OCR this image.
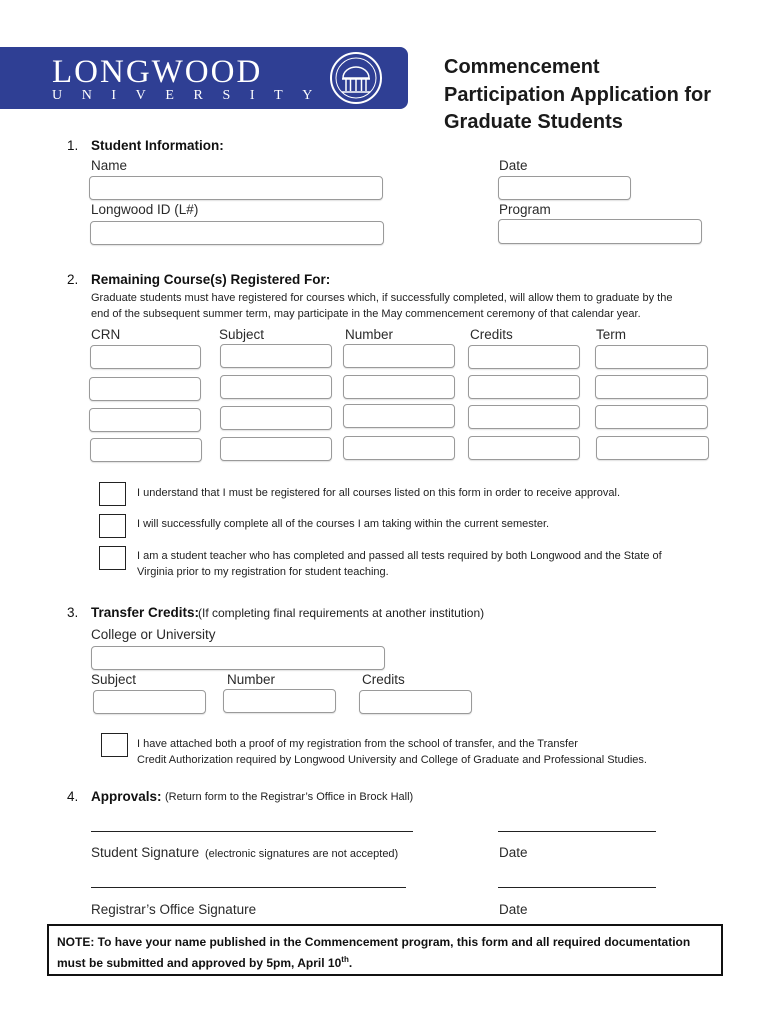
LONGWOOD
UNIVERSITY
Commencement
Participation Application for
Graduate Students
1. Student Information:
Name	Date
Longwood ID (L#)	Program
2. Remaining Course(s) Registered For:
Graduate students must have registered for courses which, if successfully completed, will allow them to graduate by the
end of the subsequent summer term, may participate in the May commencement ceremony of that calendar year.
CRN	Subject	Number	Credits	Term
I understand that I must be registered for all courses listed on this form in order to receive approval.
I will successfully complete all of the courses I am taking within the current semester.
I am a student teacher who has completed and passed all tests required by both Longwood and the State of
Virginia prior to my registration for student teaching.
3. Transfer Credits:
(If completing final requirements at another institution)
College or University
Subject	Number	Credits
I have attached both a proof of my registration from the school of transfer, and the Transfer
Credit Authorization required by Longwood University and College of Graduate and Professional Studies.
4. Approvals: (Return form to the Registrar’s Office in Brock Hall)
Student Signature (electronic signatures are not accepted)	Date
Registrar’s Office Signature	Date
NOTE: To have your name published in the Commencement program, this form and all required documentation
must be submitted and approved by 5pm, April 10th.
